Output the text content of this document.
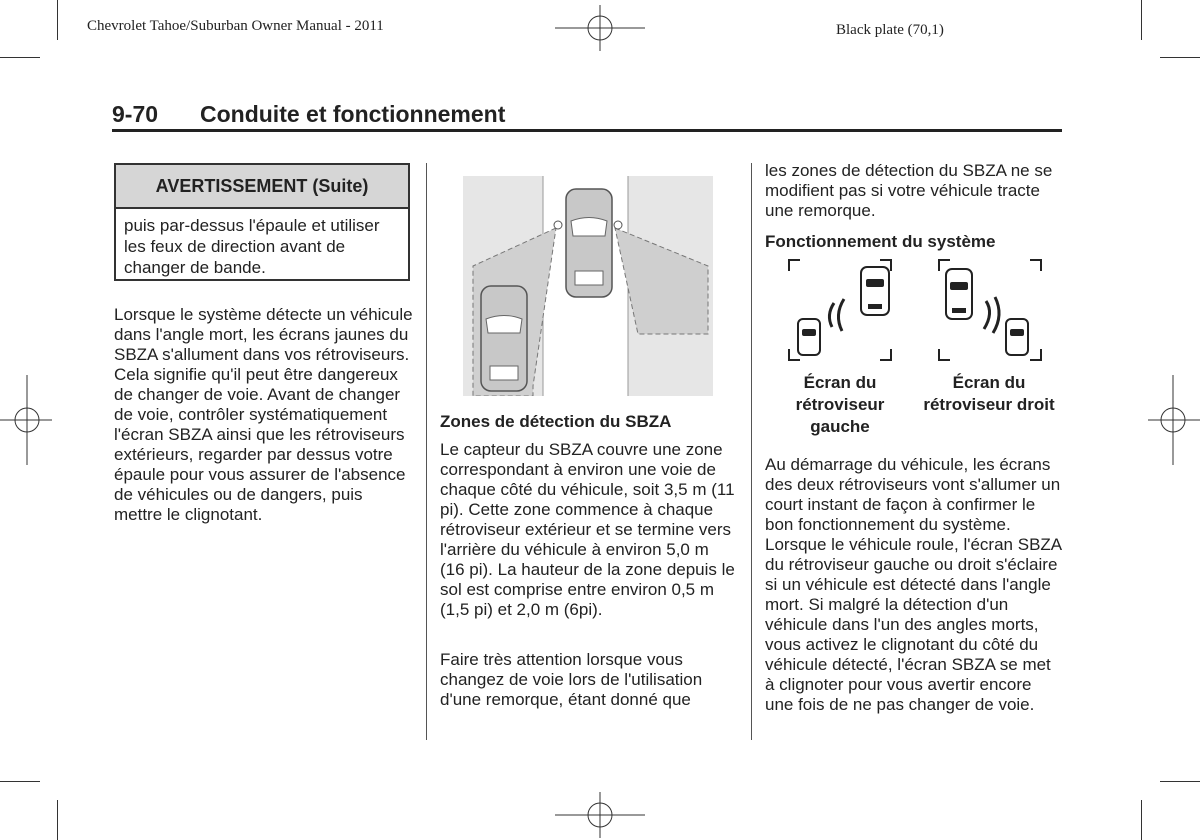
Chevrolet Tahoe/Suburban Owner Manual - 2011	Black plate (70,1)
9-70 Conduite et fonctionnement
AVERTISSEMENT (Suite)
puis par-dessus l'épaule et utiliser les feux de direction avant de changer de bande.
Lorsque le système détecte un véhicule dans l'angle mort, les écrans jaunes du SBZA s'allument dans vos rétroviseurs. Cela signifie qu'il peut être dangereux de changer de voie. Avant de changer de voie, contrôler systématiquement l'écran SBZA ainsi que les rétroviseurs extérieurs, regarder par dessus votre épaule pour vous assurer de l'absence de véhicules ou de dangers, puis mettre le clignotant.
Zones de détection du SBZA
Le capteur du SBZA couvre une zone correspondant à environ une voie de chaque côté du véhicule, soit 3,5 m (11 pi). Cette zone commence à chaque rétroviseur extérieur et se termine vers l'arrière du véhicule à environ 5,0 m (16 pi). La hauteur de la zone depuis le sol est comprise entre environ 0,5 m (1,5 pi) et 2,0 m (6pi).
Faire très attention lorsque vous changez de voie lors de l'utilisation d'une remorque, étant donné que
les zones de détection du SBZA ne se modifient pas si votre véhicule tracte une remorque.
Fonctionnement du système
Écran du rétroviseur gauche
Écran du rétroviseur droit
Au démarrage du véhicule, les écrans des deux rétroviseurs vont s'allumer un court instant de façon à confirmer le bon fonctionnement du système. Lorsque le véhicule roule, l'écran SBZA du rétroviseur gauche ou droit s'éclaire si un véhicule est détecté dans l'angle mort. Si malgré la détection d'un véhicule dans l'un des angles morts, vous activez le clignotant du côté du véhicule détecté, l'écran SBZA se met à clignoter pour vous avertir encore une fois de ne pas changer de voie.
